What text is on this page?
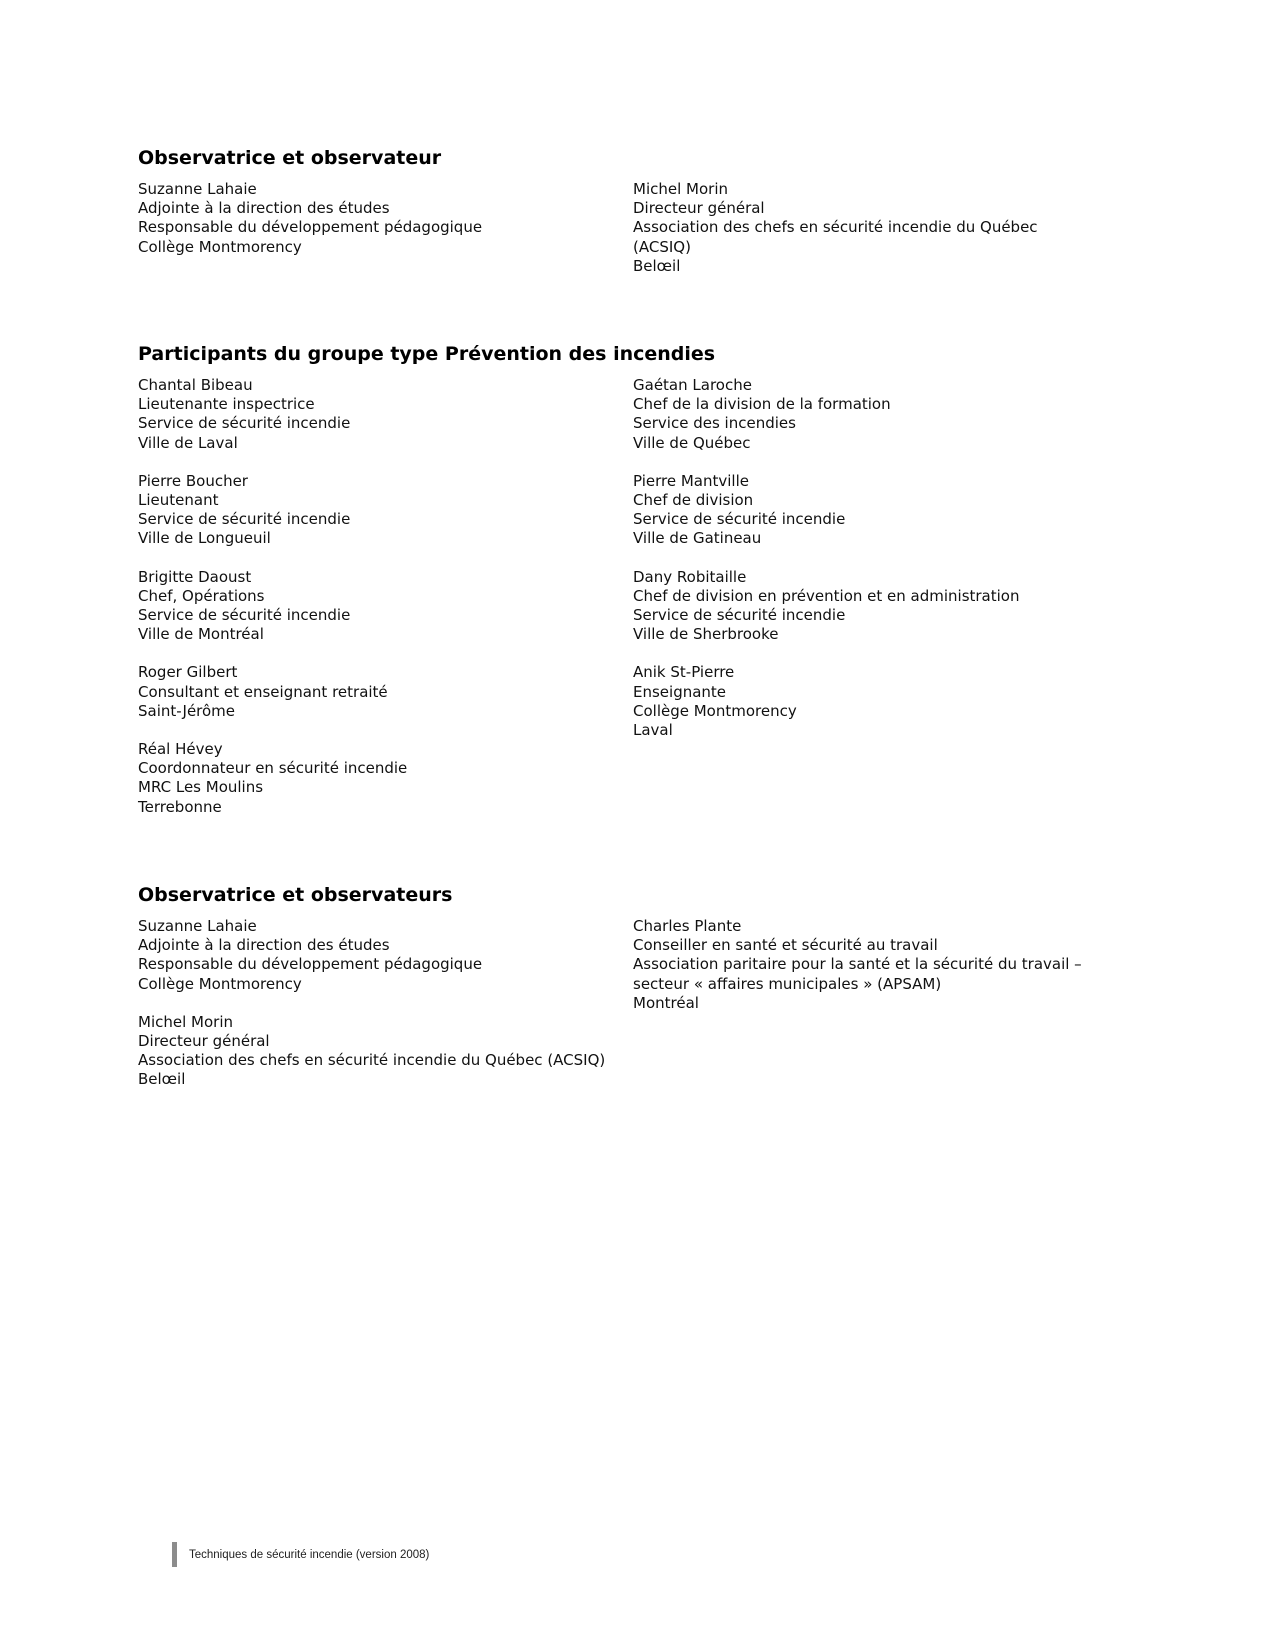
Observatrice et observateur
Suzanne Lahaie
Adjointe à la direction des études
Responsable du développement pédagogique
Collège Montmorency
Michel Morin
Directeur général
Association des chefs en sécurité incendie du Québec
(ACSIQ)
Belœil
Participants du groupe type Prévention des incendies
Chantal Bibeau
Lieutenante inspectrice
Service de sécurité incendie
Ville de Laval
Pierre Boucher
Lieutenant
Service de sécurité incendie
Ville de Longueuil
Brigitte Daoust
Chef, Opérations
Service de sécurité incendie
Ville de Montréal
Roger Gilbert
Consultant et enseignant retraité
Saint-Jérôme
Réal Hévey
Coordonnateur en sécurité incendie
MRC Les Moulins
Terrebonne
Gaétan Laroche
Chef de la division de la formation
Service des incendies
Ville de Québec
Pierre Mantville
Chef de division
Service de sécurité incendie
Ville de Gatineau
Dany Robitaille
Chef de division en prévention et en administration
Service de sécurité incendie
Ville de Sherbrooke
Anik St-Pierre
Enseignante
Collège Montmorency
Laval
Observatrice et observateurs
Suzanne Lahaie
Adjointe à la direction des études
Responsable du développement pédagogique
Collège Montmorency
Michel Morin
Directeur général
Association des chefs en sécurité incendie du Québec (ACSIQ)
Belœil
Charles Plante
Conseiller en santé et sécurité au travail
Association paritaire pour la santé et la sécurité du travail –
secteur « affaires municipales » (APSAM)
Montréal
Techniques de sécurité incendie (version 2008)
